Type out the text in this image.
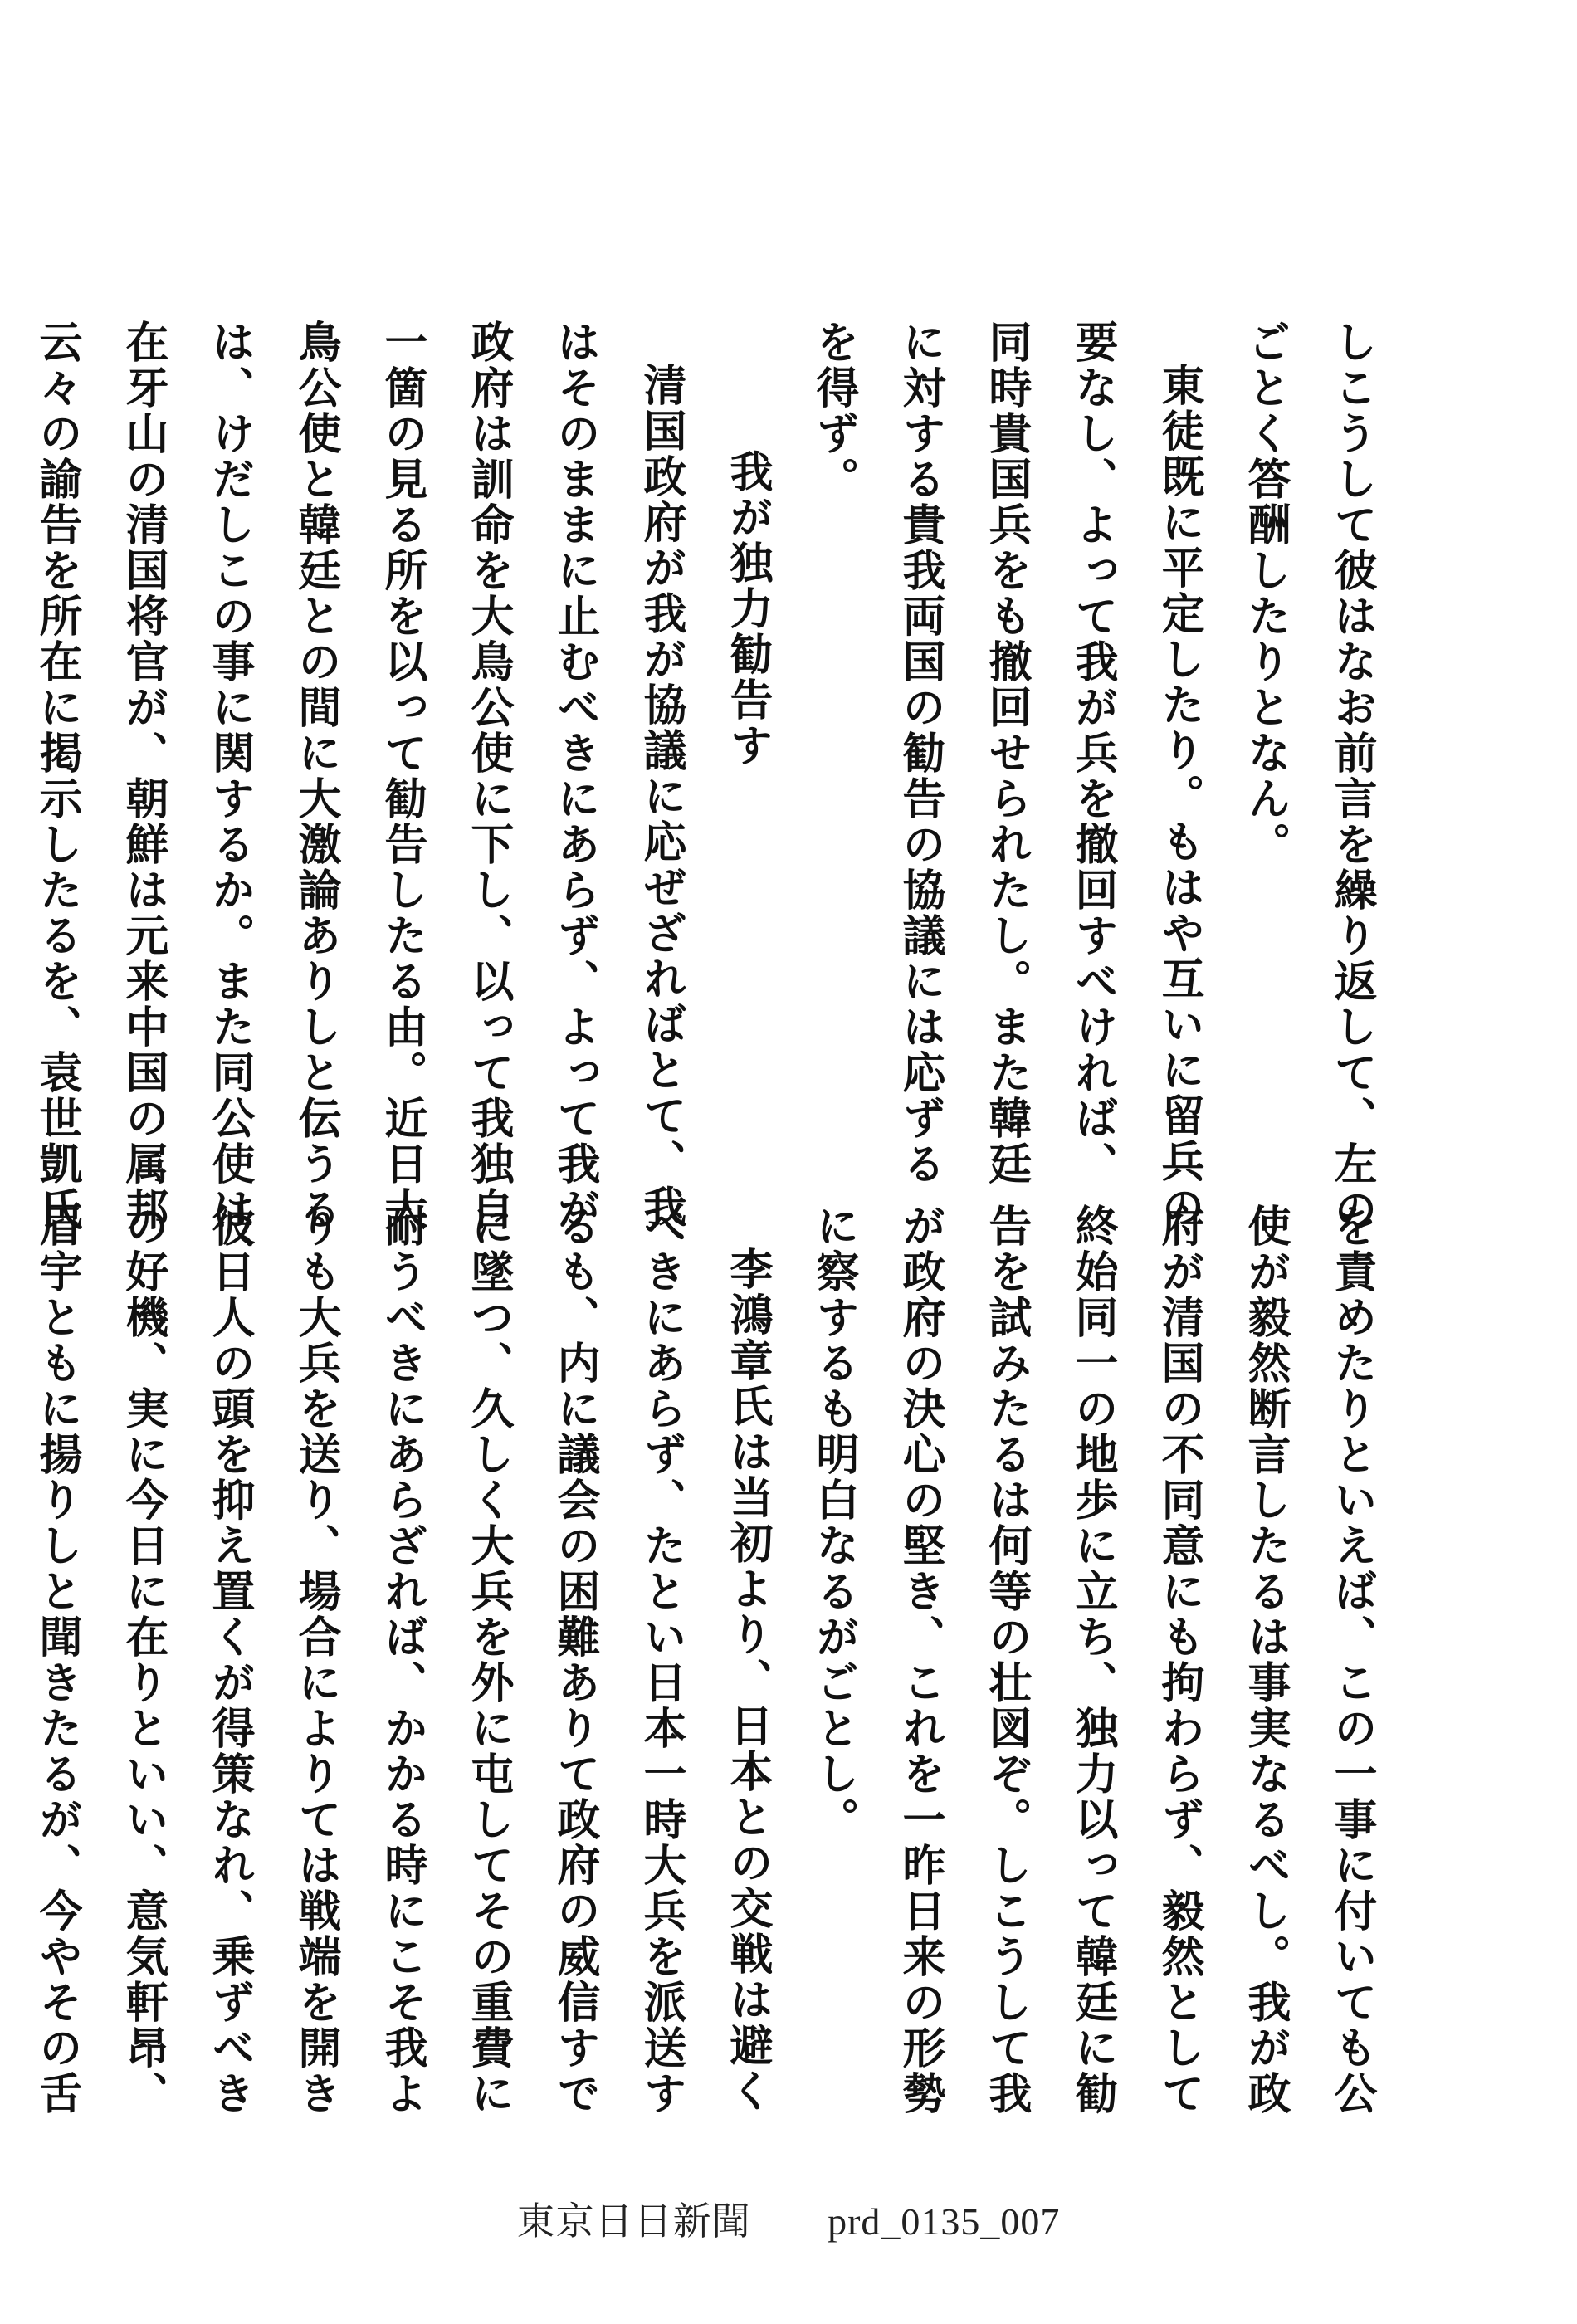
しこうして彼はなお前言を繰り返して、左の
ごとく答酬したりとなん。
東徒既に平定したり。もはや互いに留兵の
要なし、よって我が兵を撤回すべければ、
同時貴国兵をも撤回せられたし。また韓廷
に対する貴我両国の勧告の協議には応ずる
を得ず。
我が独力勧告す
清国政府が我が協議に応ぜざればとて、我
はそのままに止むべきにあらず、よって我が
政府は訓命を大鳥公使に下し、以って我独自
一箇の見る所を以って勧告したる由。近日大
鳥公使と韓廷との間に大激論ありしと伝うる
は、けだしこの事に関するか。また同公使は、
在牙山の清国将官が、朝鮮は元来中国の属邦
云々の諭告を所在に掲示したるを、袁世凱氏
を責めたりといえば、この一事に付いても公
使が毅然断言したるは事実なるべし。我が政
府が清国の不同意にも拘わらず、毅然として
終始同一の地歩に立ち、独力以って韓廷に勧
告を試みたるは何等の壮図ぞ。しこうして我
が政府の決心の堅き、これを一昨日来の形勢
に察するも明白なるがごとし。
李鴻章氏は当初より、日本との交戦は避く
べきにあらず、たとい日本一時大兵を派送す
るも、内に議会の困難ありて政府の威信すで
に墜つ、久しく大兵を外に屯してその重費に
耐うべきにあらざれば、かかる時にこそ我よ
りも大兵を送り、場合によりては戦端を開き
彼日人の頭を抑え置くが得策なれ、乗ずべき
の好機、実に今日に在りといい、意気軒昂、
眉宇ともに揚りしと聞きたるが、今やその舌
東京日日新聞 prd_0135_007
